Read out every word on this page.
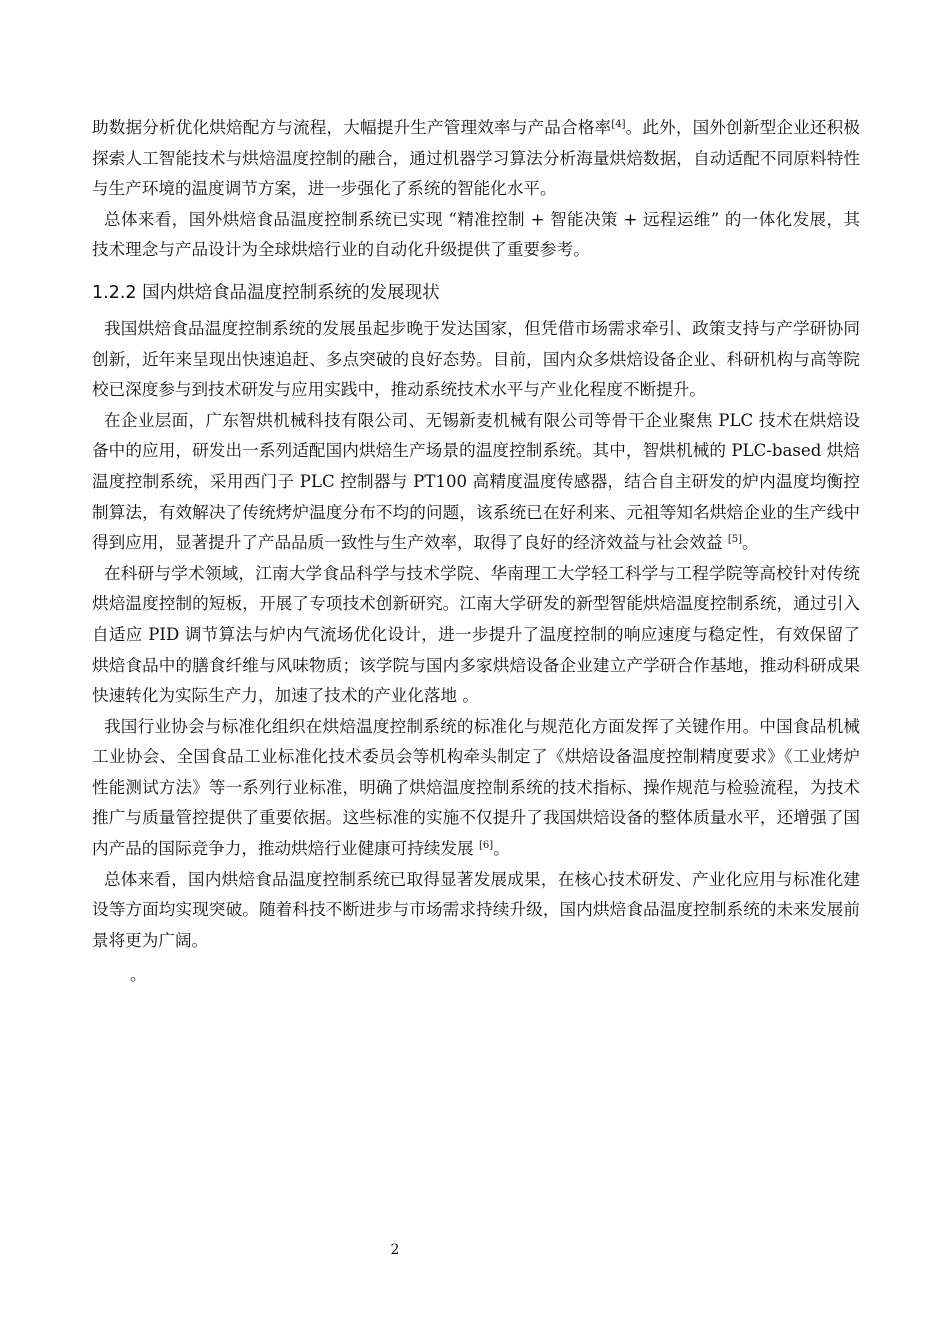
助数据分析优化烘焙配方与流程，大幅提升生产管理效率与产品合格率[4]。此外，国外创新型企业还积极探索人工智能技术与烘焙温度控制的融合，通过机器学习算法分析海量烘焙数据，自动适配不同原料特性与生产环境的温度调节方案，进一步强化了系统的智能化水平。

总体来看，国外烘焙食品温度控制系统已实现 “精准控制 + 智能决策 + 远程运维” 的一体化发展，其技术理念与产品设计为全球烘焙行业的自动化升级提供了重要参考。

1.2.2 国内烘焙食品温度控制系统的发展现状

我国烘焙食品温度控制系统的发展虽起步晚于发达国家，但凭借市场需求牵引、政策支持与产学研协同创新，近年来呈现出快速追赶、多点突破的良好态势。目前，国内众多烘焙设备企业、科研机构与高等院校已深度参与到技术研发与应用实践中，推动系统技术水平与产业化程度不断提升。

在企业层面，广东智烘机械科技有限公司、无锡新麦机械有限公司等骨干企业聚焦 PLC 技术在烘焙设备中的应用，研发出一系列适配国内烘焙生产场景的温度控制系统。其中，智烘机械的 PLC-based 烘焙温度控制系统，采用西门子 PLC 控制器与 PT100 高精度温度传感器，结合自主研发的炉内温度均衡控制算法，有效解决了传统烤炉温度分布不均的问题，该系统已在好利来、元祖等知名烘焙企业的生产线中得到应用，显著提升了产品品质一致性与生产效率，取得了良好的经济效益与社会效益 [5]。

在科研与学术领域，江南大学食品科学与技术学院、华南理工大学轻工科学与工程学院等高校针对传统烘焙温度控制的短板，开展了专项技术创新研究。江南大学研发的新型智能烘焙温度控制系统，通过引入自适应 PID 调节算法与炉内气流场优化设计，进一步提升了温度控制的响应速度与稳定性，有效保留了烘焙食品中的膳食纤维与风味物质；该学院与国内多家烘焙设备企业建立产学研合作基地，推动科研成果快速转化为实际生产力，加速了技术的产业化落地 。

我国行业协会与标准化组织在烘焙温度控制系统的标准化与规范化方面发挥了关键作用。中国食品机械工业协会、全国食品工业标准化技术委员会等机构牵头制定了《烘焙设备温度控制精度要求》《工业烤炉性能测试方法》等一系列行业标准，明确了烘焙温度控制系统的技术指标、操作规范与检验流程，为技术推广与质量管控提供了重要依据。这些标准的实施不仅提升了我国烘焙设备的整体质量水平，还增强了国内产品的国际竞争力，推动烘焙行业健康可持续发展 [6]。

总体来看，国内烘焙食品温度控制系统已取得显著发展成果，在核心技术研发、产业化应用与标准化建设等方面均实现突破。随着科技不断进步与市场需求持续升级，国内烘焙食品温度控制系统的未来发展前景将更为广阔。

。

2
